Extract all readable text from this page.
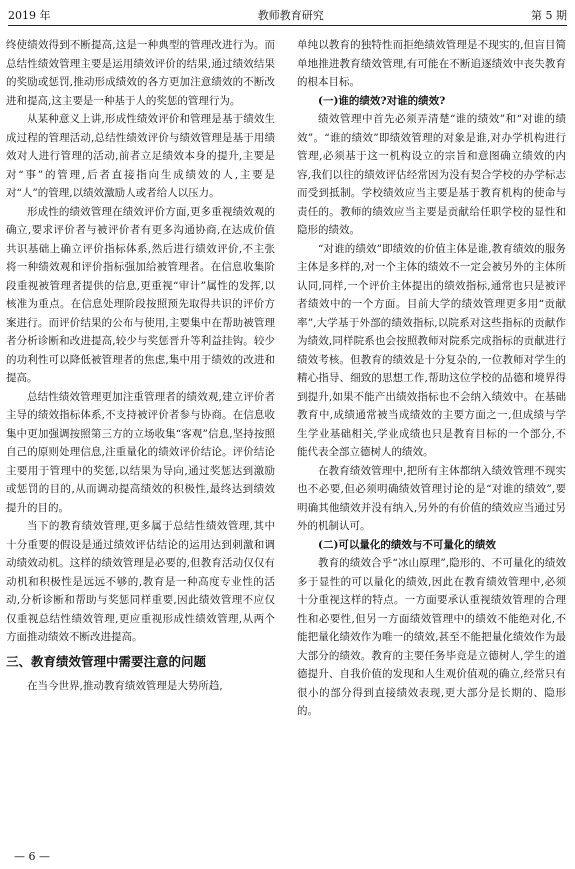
2019 年	教师教育研究	第 5 期

终使绩效得到不断提高,这是一种典型的管理改进行为。而总结性绩效管理主要是运用绩效评价的结果,通过绩效结果的奖励或惩罚,推动形成绩效的各方更加注意绩效的不断改进和提高,这主要是一种基于人的奖惩的管理行为。

从某种意义上讲,形成性绩效评价和管理是基于绩效生成过程的管理活动,总结性绩效评价与绩效管理是基于用绩效对人进行管理的活动,前者立足绩效本身的提升,主要是对“事”的管理,后者直接指向生成绩效的人,主要是对“人”的管理,以绩效激励人或者给人以压力。

形成性的绩效管理在绩效评价方面,更多重视绩效观的确立,要求评价者与被评价者有更多沟通协商,在达成价值共识基础上确立评价指标体系,然后进行绩效评价,不主张将一种绩效观和评价指标强加给被管理者。在信息收集阶段重视被管理者提供的信息,更重视“审计”属性的发挥,以核准为重点。在信息处理阶段按照预先取得共识的评价方案进行。而评价结果的公布与使用,主要集中在帮助被管理者分析诊断和改进提高,较少与奖惩晋升等利益挂钩。较少的功利性可以降低被管理者的焦虑,集中用于绩效的改进和提高。

总结性绩效管理更加注重管理者的绩效观,建立评价者主导的绩效指标体系,不支持被评价者参与协商。在信息收集中更加强调按照第三方的立场收集“客观”信息,坚持按照自己的原则处理信息,注重量化的绩效评价结论。评价结论主要用于管理中的奖惩,以结果为导向,通过奖惩达到激励或惩罚的目的,从而调动提高绩效的积极性,最终达到绩效提升的目的。

当下的教育绩效管理,更多属于总结性绩效管理,其中十分重要的假设是通过绩效评估结论的运用达到刺激和调动绩效动机。这样的绩效管理是必要的,但教育活动仅仅有动机和积极性是远远不够的,教育是一种高度专业性的活动,分析诊断和帮助与奖惩同样重要,因此绩效管理不应仅仅重视总结性绩效管理,更应重视形成性绩效管理,从两个方面推动绩效不断改进提高。

三、教育绩效管理中需要注意的问题

在当今世界,推动教育绩效管理是大势所趋,

单纯以教育的独特性而拒绝绩效管理是不现实的,但盲目简单地推进教育绩效管理,有可能在不断追逐绩效中丧失教育的根本目标。

(一)谁的绩效?对谁的绩效?

绩效管理中首先必须弄清楚“谁的绩效”和“对谁的绩效”。“谁的绩效”即绩效管理的对象是谁,对办学机构进行管理,必须基于这一机构设立的宗旨和意图确立绩效的内容,我们以往的绩效评估经常因为没有契合学校的办学标志而受到抵制。学校绩效应当主要是基于教育机构的使命与责任的。教师的绩效应当主要是贡献给任职学校的显性和隐形的绩效。

“对谁的绩效”即绩效的价值主体是谁,教育绩效的服务主体是多样的,对一个主体的绩效不一定会被另外的主体所认同,同样,一个评价主体提出的绩效指标,通常也只是被评者绩效中的一个方面。目前大学的绩效管理更多用“贡献率”,大学基于外部的绩效指标,以院系对这些指标的贡献作为绩效,同样院系也会按照教师对院系完成指标的贡献进行绩效考核。但教育的绩效是十分复杂的,一位教师对学生的精心指导、细致的思想工作,帮助这位学校的品德和境界得到提升,如果不能产出绩效指标也不会纳入绩效中。在基础教育中,成绩通常被当成绩效的主要方面之一,但成绩与学生学业基础相关,学业成绩也只是教育目标的一个部分,不能代表全部立德树人的绩效。

在教育绩效管理中,把所有主体都纳入绩效管理不现实也不必要,但必须明确绩效管理讨论的是“对谁的绩效”,要明确其他绩效并没有纳入,另外的有价值的绩效应当通过另外的机制认可。

(二)可以量化的绩效与不可量化的绩效

教育的绩效合乎“冰山原理”,隐形的、不可量化的绩效多于显性的可以量化的绩效,因此在教育绩效管理中,必须十分重视这样的特点。一方面要承认重视绩效管理的合理性和必要性,但另一方面绩效管理中的绩效不能绝对化,不能把量化绩效作为唯一的绩效,甚至不能把量化绩效作为最大部分的绩效。教育的主要任务毕竟是立德树人,学生的道德提升、自我价值的发现和人生观价值观的确立,经常只有很小的部分得到直接绩效表现,更大部分是长期的、隐形的。

— 6 —
